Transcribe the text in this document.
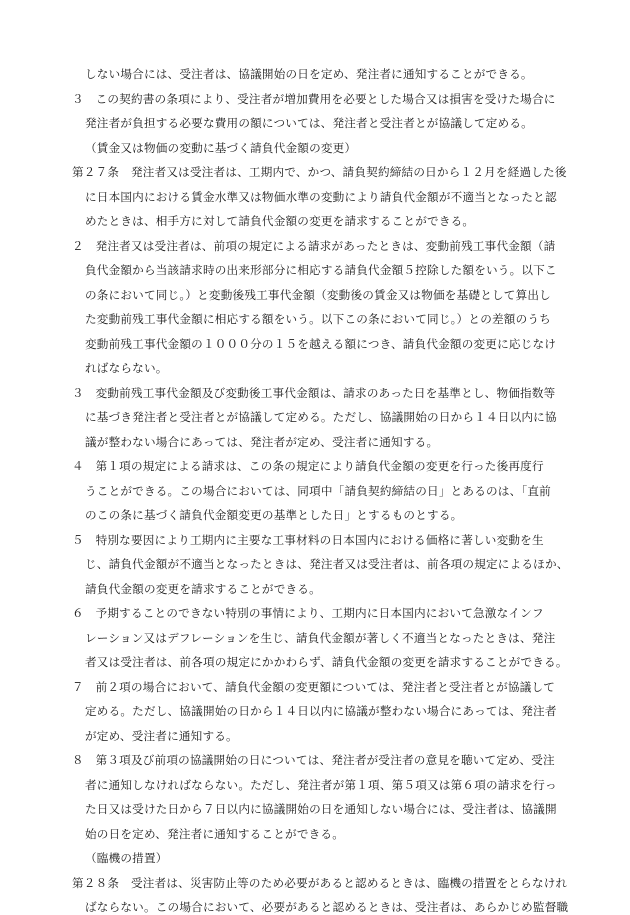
しない場合には、受注者は、協議開始の日を定め、発注者に通知することができる。
３　この契約書の条項により、受注者が増加費用を必要とした場合又は損害を受けた場合に
発注者が負担する必要な費用の額については、発注者と受注者とが協議して定める。
（賃金又は物価の変動に基づく請負代金額の変更）
第２７条　発注者又は受注者は、工期内で、かつ、請負契約締結の日から１２月を経過した後
に日本国内における賃金水準又は物価水準の変動により請負代金額が不適当となったと認
めたときは、相手方に対して請負代金額の変更を請求することができる。
２　発注者又は受注者は、前項の規定による請求があったときは、変動前残工事代金額（請
負代金額から当該請求時の出来形部分に相応する請負代金額５控除した額をいう。以下こ
の条において同じ。）と変動後残工事代金額（変動後の賃金又は物価を基礎として算出し
た変動前残工事代金額に相応する額をいう。以下この条において同じ。）との差額のうち
変動前残工事代金額の１０００分の１５を越える額につき、請負代金額の変更に応じなけ
ればならない。
３　変動前残工事代金額及び変動後工事代金額は、請求のあった日を基準とし、物価指数等
に基づき発注者と受注者とが協議して定める。ただし、協議開始の日から１４日以内に協
議が整わない場合にあっては、発注者が定め、受注者に通知する。
４　第１項の規定による請求は、この条の規定により請負代金額の変更を行った後再度行
うことができる。この場合においては、同項中「請負契約締結の日」とあるのは、「直前
のこの条に基づく請負代金額変更の基準とした日」とするものとする。
５　特別な要因により工期内に主要な工事材料の日本国内における価格に著しい変動を生
じ、請負代金額が不適当となったときは、発注者又は受注者は、前各項の規定によるほか、
請負代金額の変更を請求することができる。
６　予期することのできない特別の事情により、工期内に日本国内において急激なインフ
レーション又はデフレーションを生じ、請負代金額が著しく不適当となったときは、発注
者又は受注者は、前各項の規定にかかわらず、請負代金額の変更を請求することができる。
７　前２項の場合において、請負代金額の変更額については、発注者と受注者とが協議して
定める。ただし、協議開始の日から１４日以内に協議が整わない場合にあっては、発注者
が定め、受注者に通知する。
８　第３項及び前項の協議開始の日については、発注者が受注者の意見を聴いて定め、受注
者に通知しなければならない。ただし、発注者が第１項、第５項又は第６項の請求を行っ
た日又は受けた日から７日以内に協議開始の日を通知しない場合には、受注者は、協議開
始の日を定め、発注者に通知することができる。
（臨機の措置）
第２８条　受注者は、災害防止等のため必要があると認めるときは、臨機の措置をとらなけれ
ばならない。この場合において、必要があると認めるときは、受注者は、あらかじめ監督職
